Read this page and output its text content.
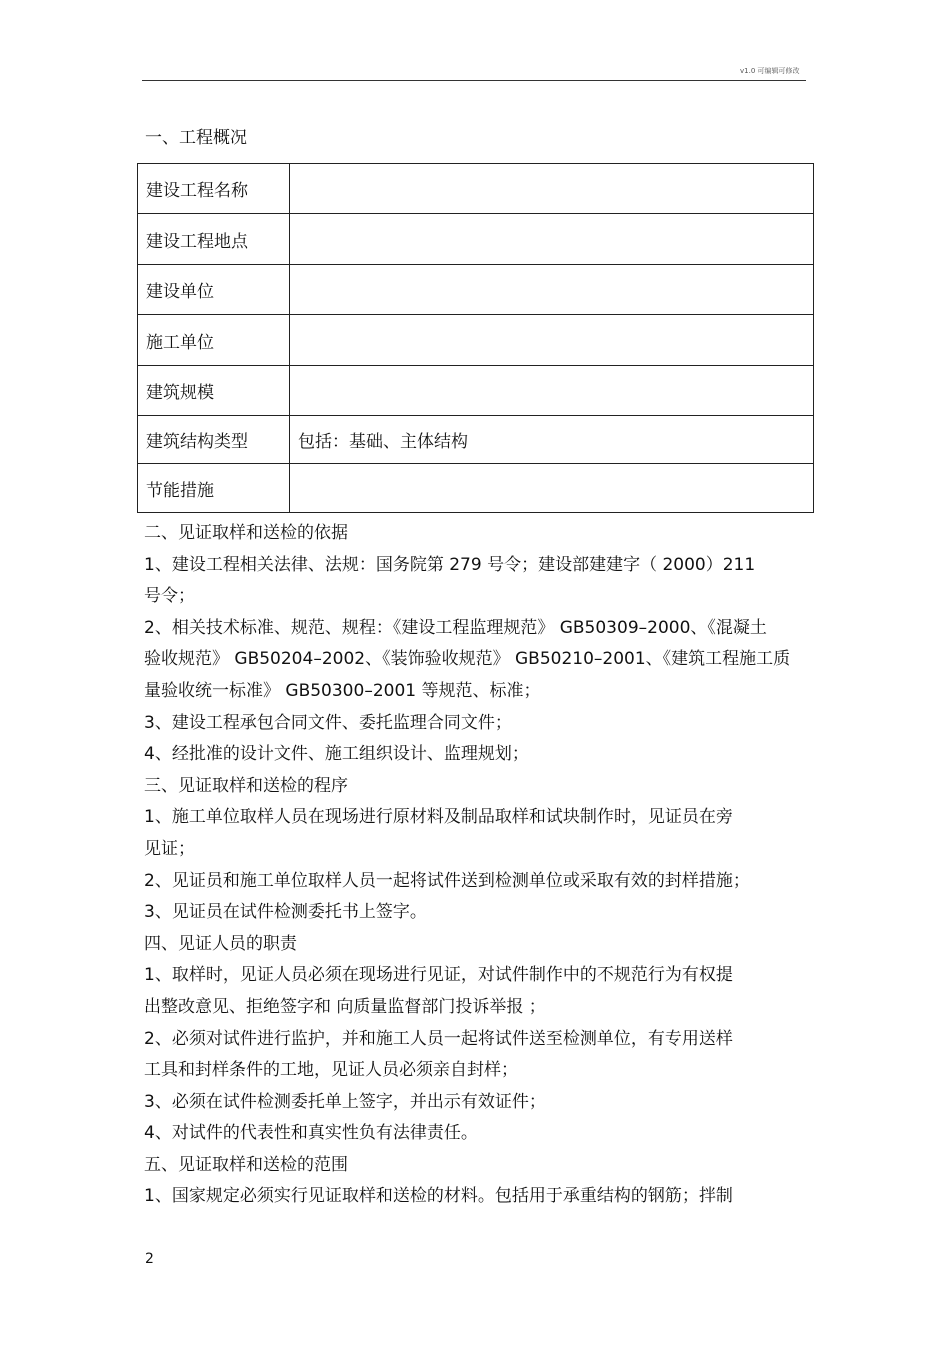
v1.0 可编辑可修改
一、工程概况
建设工程名称	
建设工程地点	
建设单位	
施工单位	
建筑规模	
建筑结构类型	包括：基础、主体结构
节能措施	
二、见证取样和送检的依据
1、建设工程相关法律、法规：国务院第 279 号令；建设部建建字（ 2000）211
号令；
2、相关技术标准、规范、规程：《建设工程监理规范》 GB50309–2000、《混凝土
验收规范》 GB50204–2002、《装饰验收规范》 GB50210–2001、《建筑工程施工质
量验收统一标准》 GB50300–2001 等规范、标准；
3、建设工程承包合同文件、委托监理合同文件；
4、经批准的设计文件、施工组织设计、监理规划；
三、见证取样和送检的程序
1、施工单位取样人员在现场进行原材料及制品取样和试块制作时，见证员在旁
见证；
2、见证员和施工单位取样人员一起将试件送到检测单位或采取有效的封样措施；
3、见证员在试件检测委托书上签字。
四、见证人员的职责
1、取样时，见证人员必须在现场进行见证，对试件制作中的不规范行为有权提
出整改意见、拒绝签字和 向质量监督部门投诉举报 ；
2、必须对试件进行监护，并和施工人员一起将试件送至检测单位，有专用送样
工具和封样条件的工地，见证人员必须亲自封样；
3、必须在试件检测委托单上签字，并出示有效证件；
4、对试件的代表性和真实性负有法律责任。
五、见证取样和送检的范围
1、国家规定必须实行见证取样和送检的材料。包括用于承重结构的钢筋；拌制
2
